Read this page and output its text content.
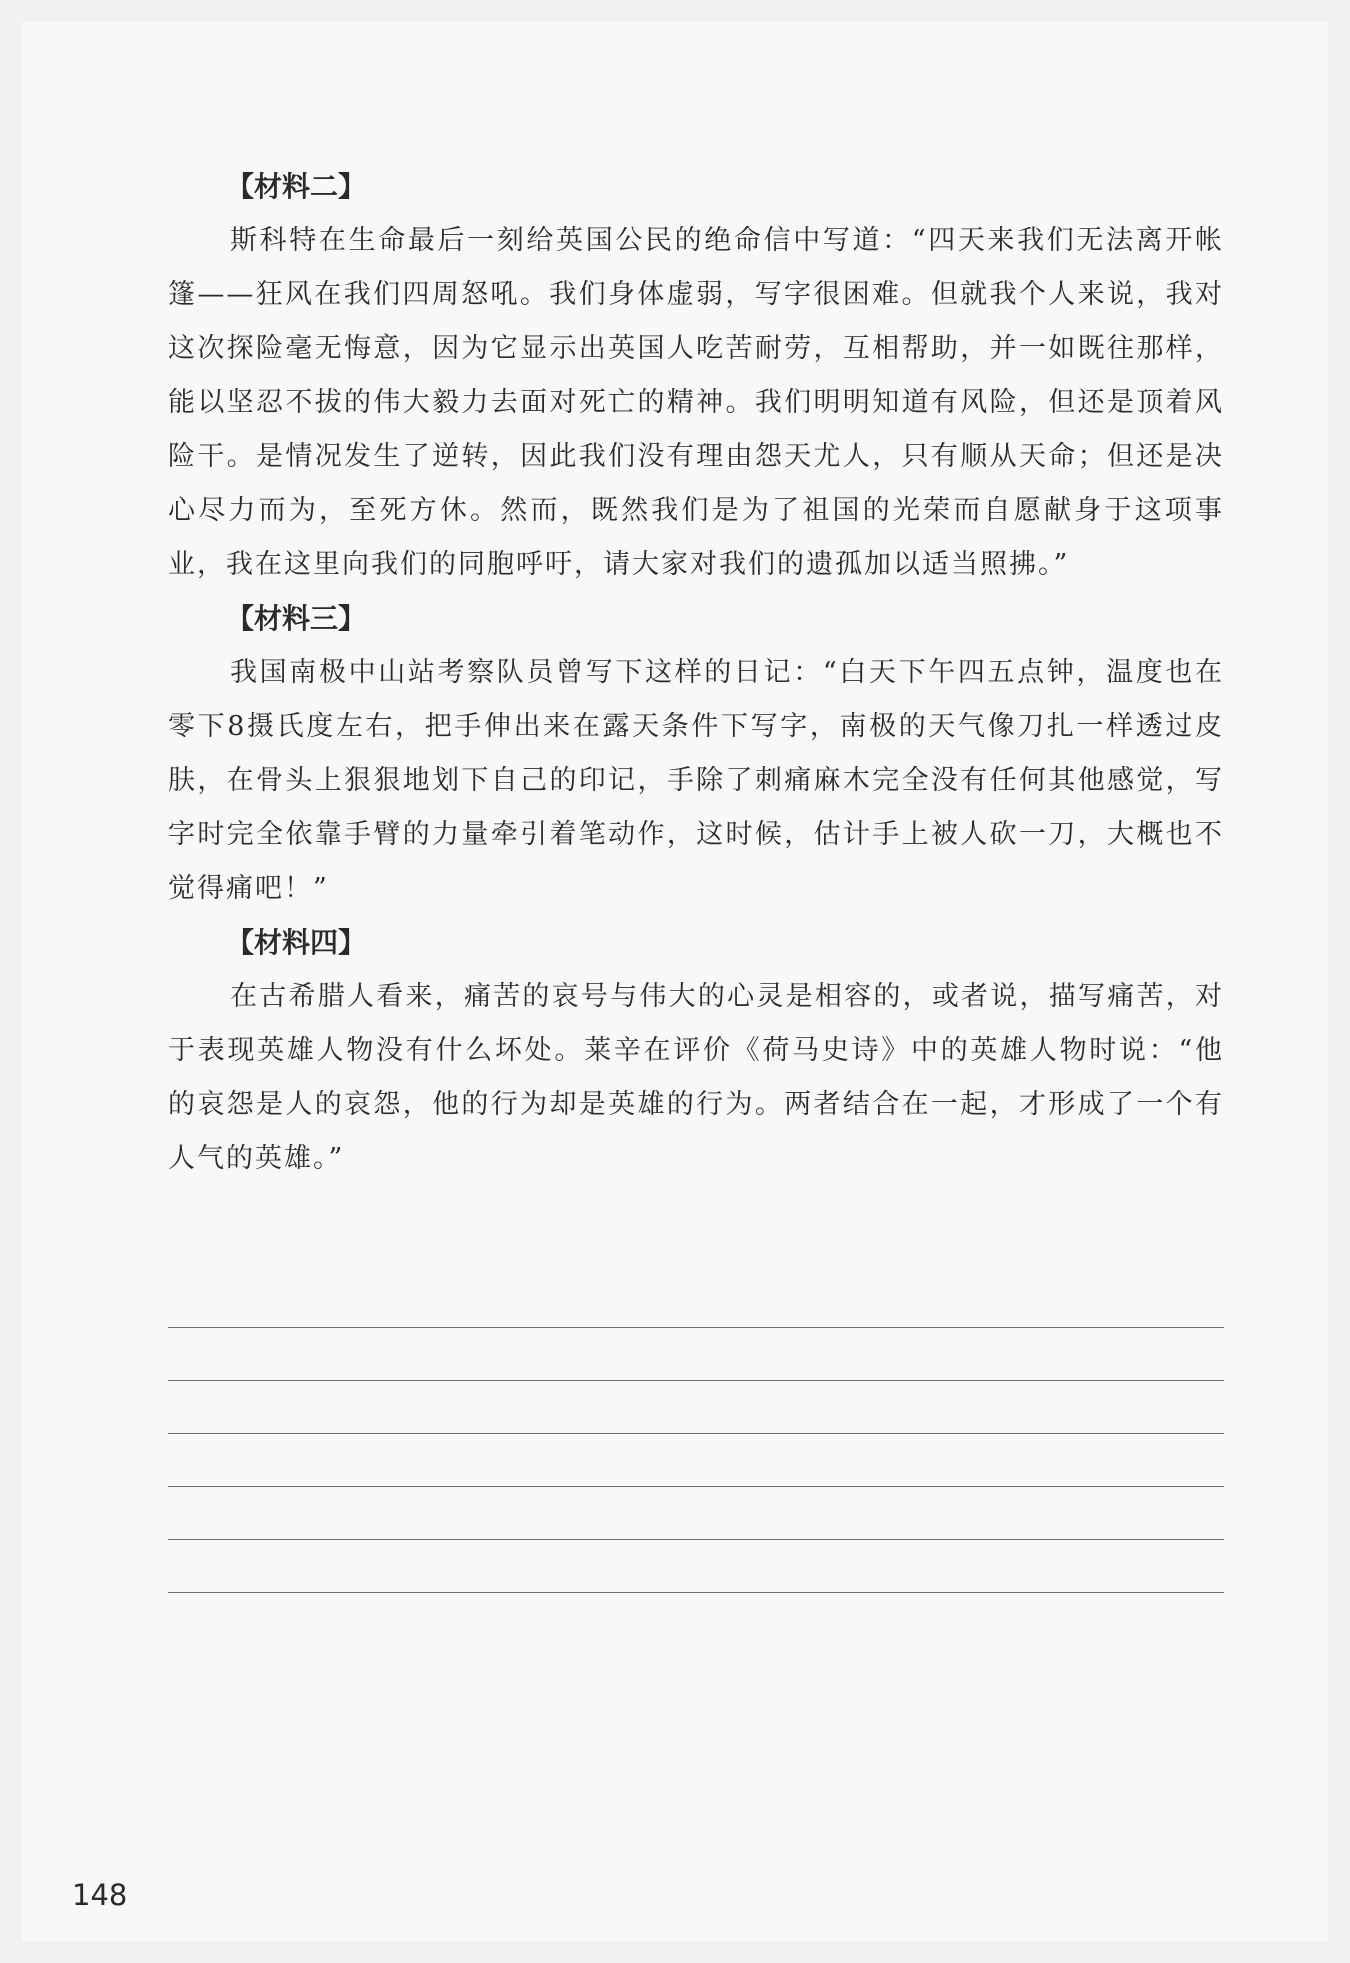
【材料二】

斯科特在生命最后一刻给英国公民的绝命信中写道：“四天来我们无法离开帐篷——狂风在我们四周怒吼。我们身体虚弱，写字很困难。但就我个人来说，我对这次探险毫无悔意，因为它显示出英国人吃苦耐劳，互相帮助，并一如既往那样，能以坚忍不拔的伟大毅力去面对死亡的精神。我们明明知道有风险，但还是顶着风险干。是情况发生了逆转，因此我们没有理由怨天尤人，只有顺从天命；但还是决心尽力而为，至死方休。然而，既然我们是为了祖国的光荣而自愿献身于这项事业，我在这里向我们的同胞呼吁，请大家对我们的遗孤加以适当照拂。”

【材料三】

我国南极中山站考察队员曾写下这样的日记：“白天下午四五点钟，温度也在零下8摄氏度左右，把手伸出来在露天条件下写字，南极的天气像刀扎一样透过皮肤，在骨头上狠狠地划下自己的印记，手除了刺痛麻木完全没有任何其他感觉，写字时完全依靠手臂的力量牵引着笔动作，这时候，估计手上被人砍一刀，大概也不觉得痛吧！”

【材料四】

在古希腊人看来，痛苦的哀号与伟大的心灵是相容的，或者说，描写痛苦，对于表现英雄人物没有什么坏处。莱辛在评价《荷马史诗》中的英雄人物时说：“他的哀怨是人的哀怨，他的行为却是英雄的行为。两者结合在一起，才形成了一个有人气的英雄。”

148
